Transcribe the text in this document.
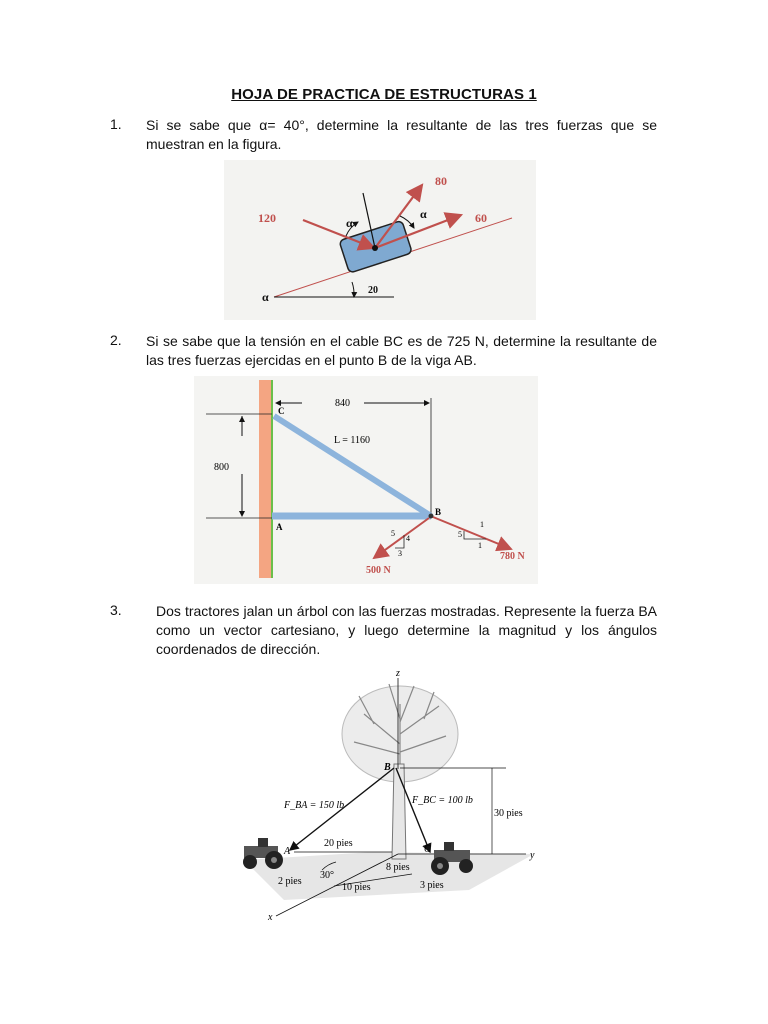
HOJA DE PRACTICA DE ESTRUCTURAS 1
1. Si se sabe que α= 40°, determine la resultante de las tres fuerzas que se muestran en la figura.
80
120	60
α
α
α	20
2. Si se sabe que la tensión en el cable BC es de 725 N, determine la resultante de las tres fuerzas ejercidas en el punto B de la viga AB.
800
840
L = 1160
C
A
B
5
4
3
1
5
1
780 N
500 N
3. Dos tractores jalan un árbol con las fuerzas mostradas. Represente la fuerza BA como un vector cartesiano, y luego determine la magnitud y los ángulos coordenados de dirección.
z
y
x
30 pies
B
F_BA = 150 lb	F_BC = 100 lb
20 pies
8 pies
2 pies
30°
10 pies	3 pies
A	C
